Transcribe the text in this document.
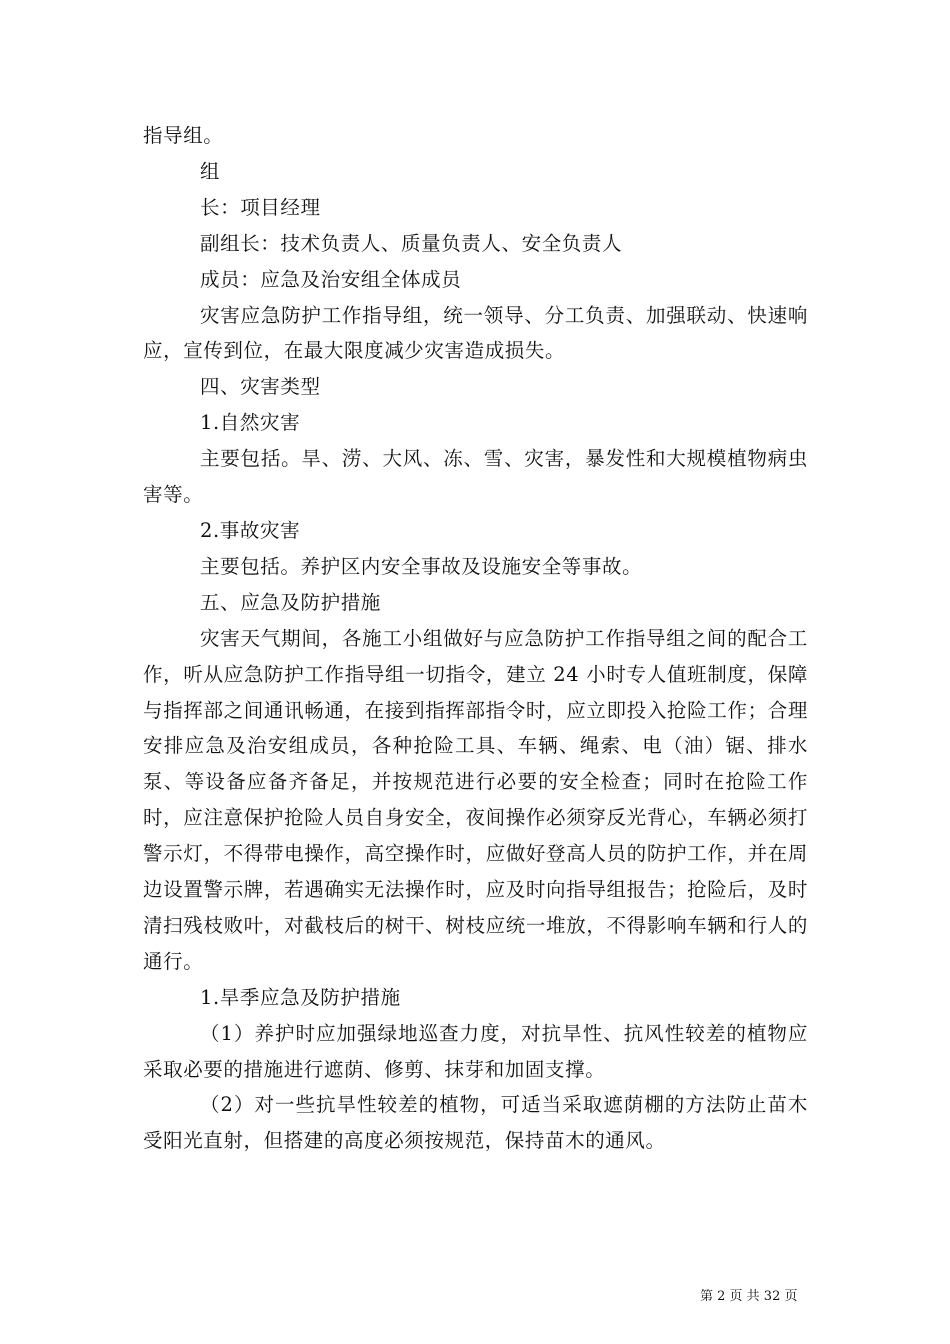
指导组。

组

长：项目经理

副组长：技术负责人、质量负责人、安全负责人

成员：应急及治安组全体成员

灾害应急防护工作指导组，统一领导、分工负责、加强联动、快速响应，宣传到位，在最大限度减少灾害造成损失。

四、灾害类型

1.自然灾害

主要包括。旱、涝、大风、冻、雪、灾害，暴发性和大规模植物病虫害等。

2.事故灾害

主要包括。养护区内安全事故及设施安全等事故。

五、应急及防护措施

灾害天气期间，各施工小组做好与应急防护工作指导组之间的配合工作，听从应急防护工作指导组一切指令，建立 24 小时专人值班制度，保障与指挥部之间通讯畅通，在接到指挥部指令时，应立即投入抢险工作；合理安排应急及治安组成员，各种抢险工具、车辆、绳索、电（油）锯、排水泵、等设备应备齐备足，并按规范进行必要的安全检查；同时在抢险工作时，应注意保护抢险人员自身安全，夜间操作必须穿反光背心，车辆必须打警示灯，不得带电操作，高空操作时，应做好登高人员的防护工作，并在周边设置警示牌，若遇确实无法操作时，应及时向指导组报告；抢险后，及时清扫残枝败叶，对截枝后的树干、树枝应统一堆放，不得影响车辆和行人的通行。

1.旱季应急及防护措施

（1）养护时应加强绿地巡查力度，对抗旱性、抗风性较差的植物应采取必要的措施进行遮荫、修剪、抹芽和加固支撑。

（2）对一些抗旱性较差的植物，可适当采取遮荫棚的方法防止苗木受阳光直射，但搭建的高度必须按规范，保持苗木的通风。

第 2 页 共 32 页
